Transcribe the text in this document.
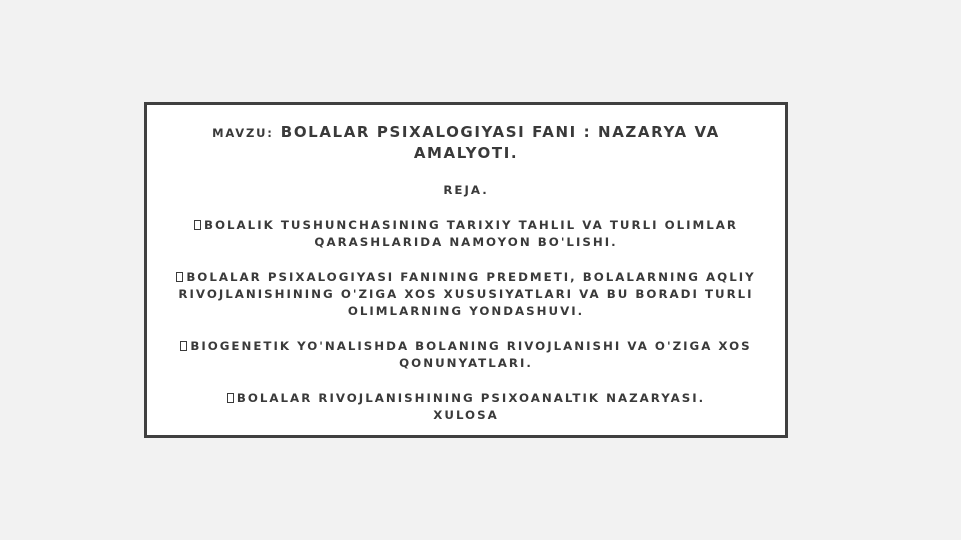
MAVZU: BOLALAR PSIXALOGIYASI FANI : NAZARYA VA AMALYOTI.
REJA.
BOLALIK TUSHUNCHASINING TARIXIY TAHLIL VA TURLI OLIMLAR
QARASHLARIDA NAMOYON BO'LISHI.
BOLALAR PSIXALOGIYASI FANINING PREDMETI, BOLALARNING AQLIY
RIVOJLANISHINING O'ZIGA XOS XUSUSIYATLARI VA BU BORADI TURLI
OLIMLARNING YONDASHUVI.
BIOGENETIK YO'NALISHDA BOLANING RIVOJLANISHI VA O'ZIGA XOS
QONUNYATLARI.
BOLALAR RIVOJLANISHINING PSIXOANALTIK NAZARYASI.
XULOSA
